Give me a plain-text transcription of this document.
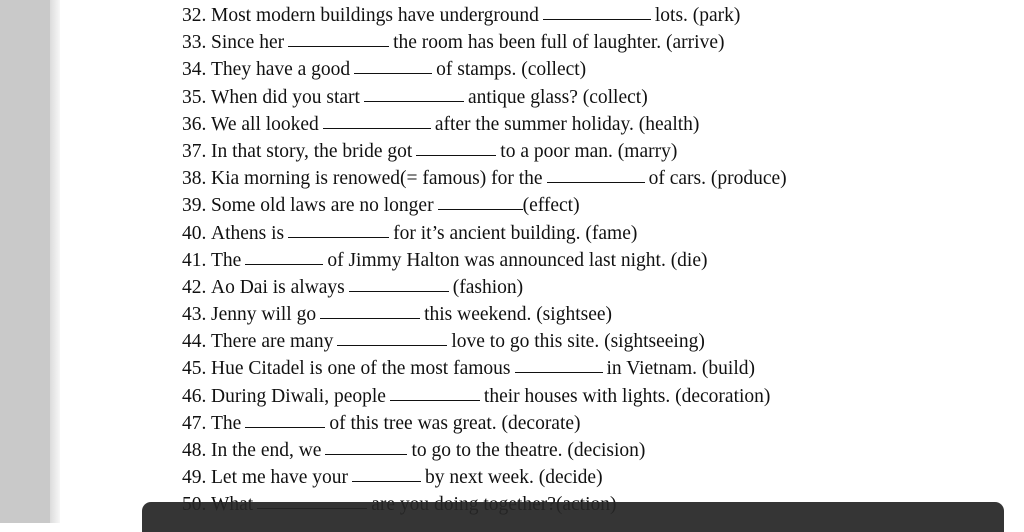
32. Most modern buildings have underground	lots. (park)
33. Since her	the room has been full of laughter. (arrive)
34. They have a good	of stamps. (collect)
35. When did you start	antique glass? (collect)
36. We all looked	after the summer holiday. (health)
37. In that story, the bride got	to a poor man. (marry)
38. Kia morning is renowed(= famous) for the	of cars. (produce)
39. Some old laws are no longer	(effect)
40. Athens is	for it’s ancient building. (fame)
41. The	of Jimmy Halton was announced last night. (die)
42. Ao Dai is always	(fashion)
43. Jenny will go	this weekend. (sightsee)
44. There are many	love to go this site. (sightseeing)
45. Hue Citadel is one of the most famous	in Vietnam. (build)
46. During Diwali, people	their houses with lights. (decoration)
47. The	of this tree was great. (decorate)
48. In the end, we	to go to the theatre. (decision)
49. Let me have your	by next week. (decide)
